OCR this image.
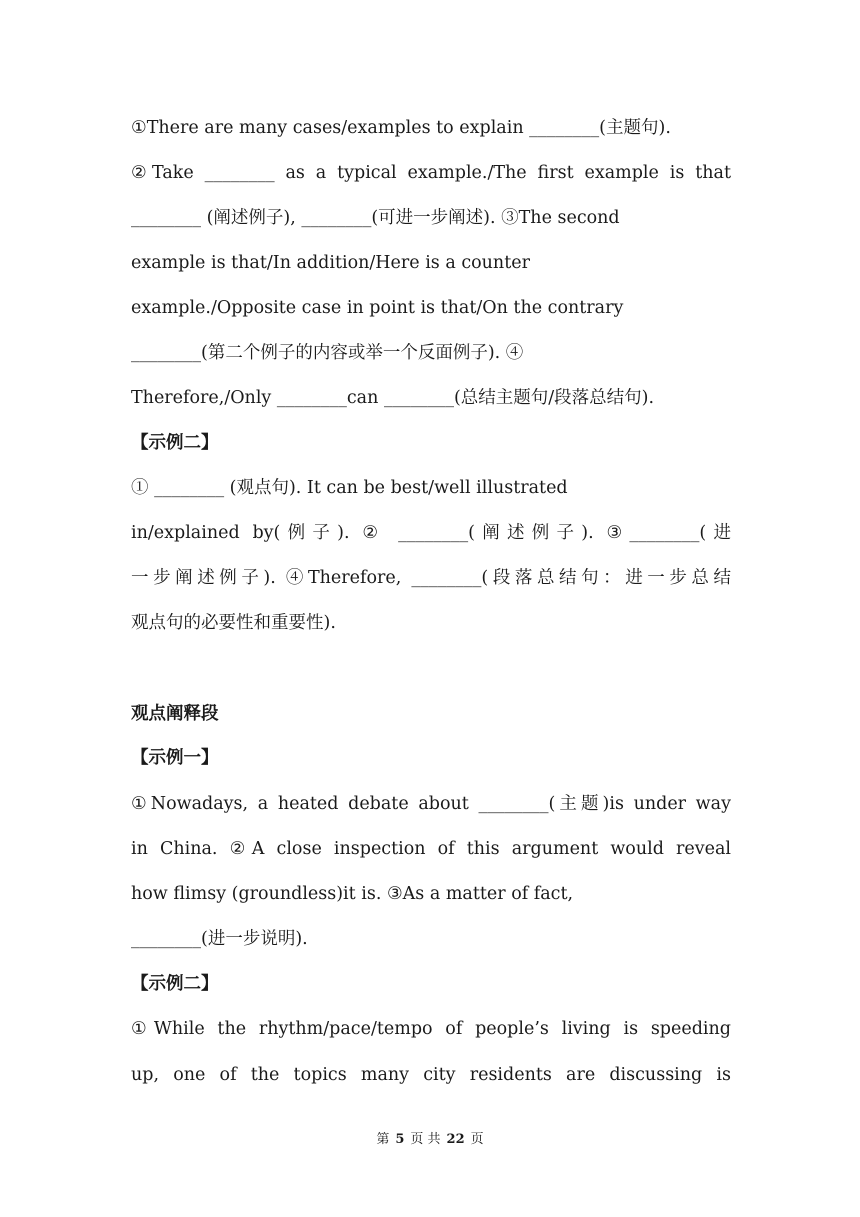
①There are many cases/examples to explain ________(主题句).
②Take ________ as a typical example./The first example is that
________ (阐述例子), ________(可进一步阐述). ③The second
example is that/In addition/Here is a counter
example./Opposite case in point is that/On the contrary
________(第二个例子的内容或举一个反面例子). ④
Therefore,/Only ________can ________(总结主题句/段落总结句).
【示例二】
① ________ (观点句). It can be best/well illustrated
in/explained by(例子). ② ________(阐述例子). ③________(进
一步阐述例子). ④Therefore, ________(段落总结句：进一步总结
观点句的必要性和重要性).
观点阐释段
【示例一】
①Nowadays, a heated debate about ________(主题)is under way
in China. ②A close inspection of this argument would reveal
how flimsy (groundless)it is. ③As a matter of fact,
________(进一步说明).
【示例二】
①While the rhythm/pace/tempo of people’s living is speeding
up, one of the topics many city residents are discussing is
第 5 页 共 22 页
